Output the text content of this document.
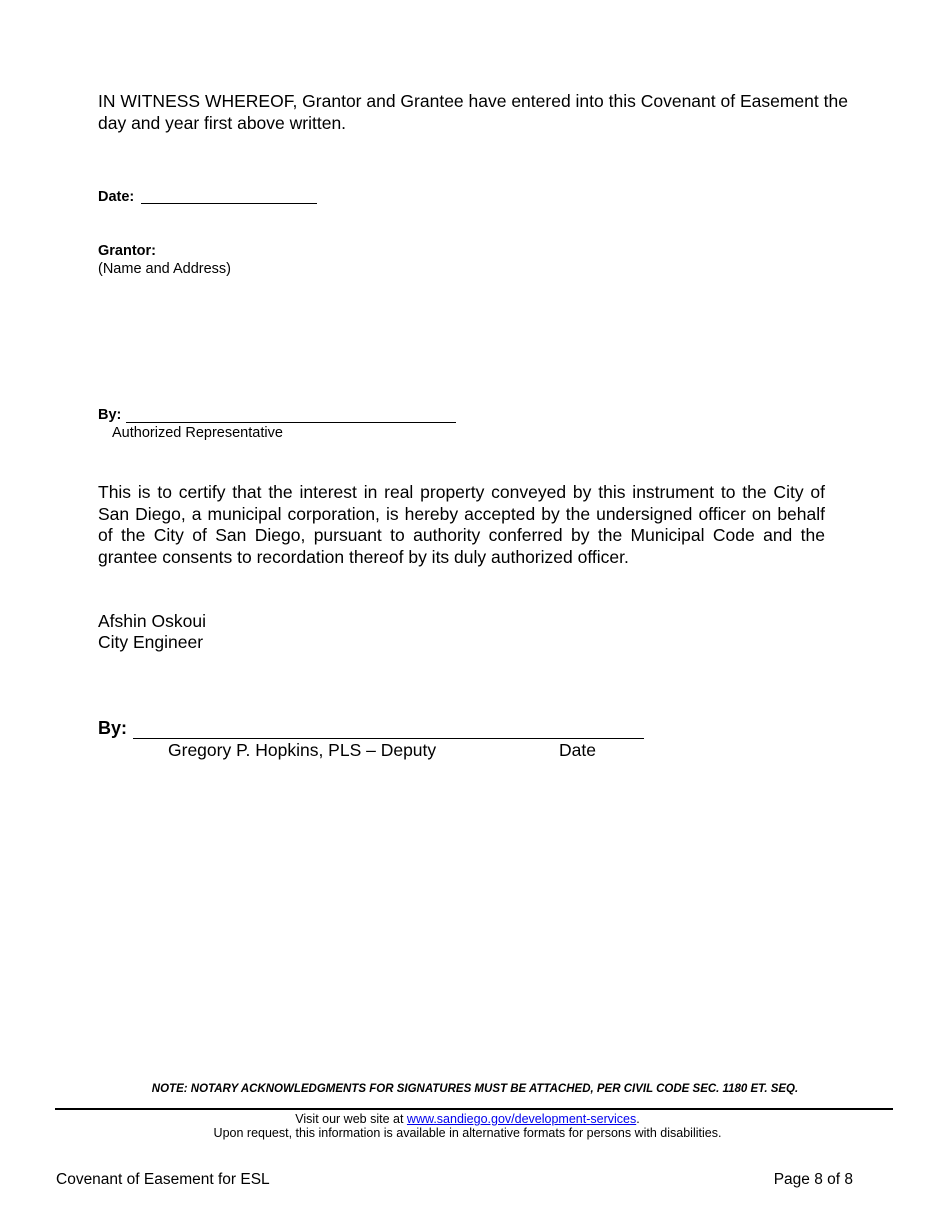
IN WITNESS WHEREOF, Grantor and Grantee have entered into this Covenant of Easement the day and year first above written.
Date:
Grantor:
(Name and Address)
By:
Authorized Representative
This is to certify that the interest in real property conveyed by this instrument to the City of San Diego, a municipal corporation, is hereby accepted by the undersigned officer on behalf of the City of San Diego, pursuant to authority conferred by the Municipal Code and the grantee consents to recordation thereof by its duly authorized officer.
Afshin Oskoui
City Engineer
By:
Gregory P. Hopkins, PLS – Deputy	Date
NOTE: NOTARY ACKNOWLEDGMENTS FOR SIGNATURES MUST BE ATTACHED, PER CIVIL CODE SEC. 1180 ET. SEQ.
Visit our web site at www.sandiego.gov/development-services.
Upon request, this information is available in alternative formats for persons with disabilities.
Covenant of Easement for ESL	Page 8 of 8
